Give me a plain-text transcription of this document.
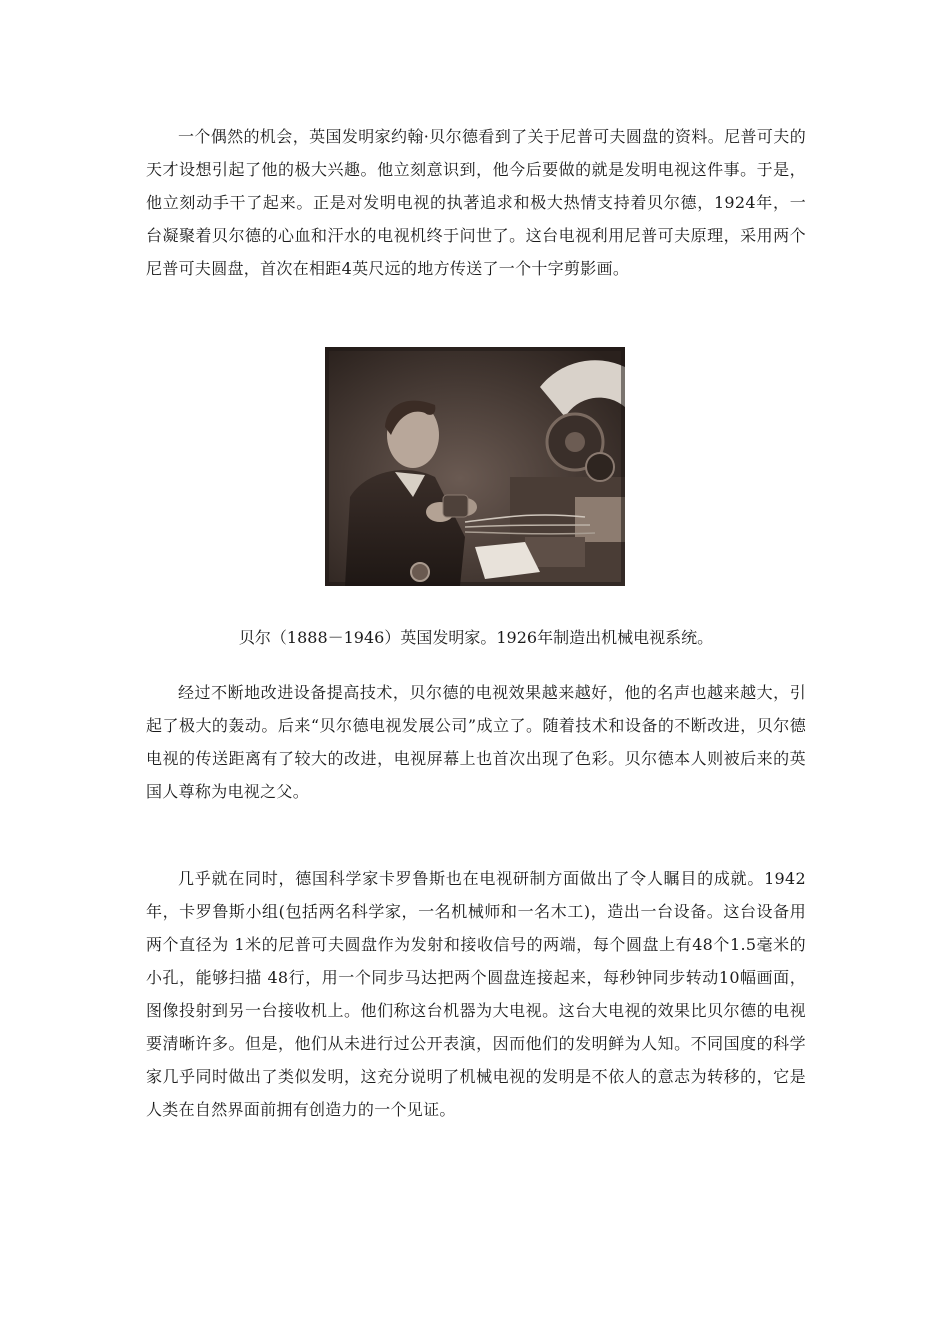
一个偶然的机会，英国发明家约翰·贝尔德看到了关于尼普可夫圆盘的资料。尼普可夫的天才设想引起了他的极大兴趣。他立刻意识到，他今后要做的就是发明电视这件事。于是，他立刻动手干了起来。正是对发明电视的执著追求和极大热情支持着贝尔德，1924年，一台凝聚着贝尔德的心血和汗水的电视机终于问世了。这台电视利用尼普可夫原理，采用两个尼普可夫圆盘，首次在相距4英尺远的地方传送了一个十字剪影画。

贝尔（1888－1946）英国发明家。1926年制造出机械电视系统。

经过不断地改进设备提高技术，贝尔德的电视效果越来越好，他的名声也越来越大，引起了极大的轰动。后来“贝尔德电视发展公司”成立了。随着技术和设备的不断改进，贝尔德电视的传送距离有了较大的改进，电视屏幕上也首次出现了色彩。贝尔德本人则被后来的英国人尊称为电视之父。

几乎就在同时，德国科学家卡罗鲁斯也在电视研制方面做出了令人瞩目的成就。1942年，卡罗鲁斯小组(包括两名科学家，一名机械师和一名木工)，造出一台设备。这台设备用两个直径为 1米的尼普可夫圆盘作为发射和接收信号的两端，每个圆盘上有48个1.5毫米的小孔，能够扫描 48行，用一个同步马达把两个圆盘连接起来，每秒钟同步转动10幅画面，图像投射到另一台接收机上。他们称这台机器为大电视。这台大电视的效果比贝尔德的电视要清晰许多。但是，他们从未进行过公开表演，因而他们的发明鲜为人知。不同国度的科学家几乎同时做出了类似发明，这充分说明了机械电视的发明是不依人的意志为转移的，它是人类在自然界面前拥有创造力的一个见证。
